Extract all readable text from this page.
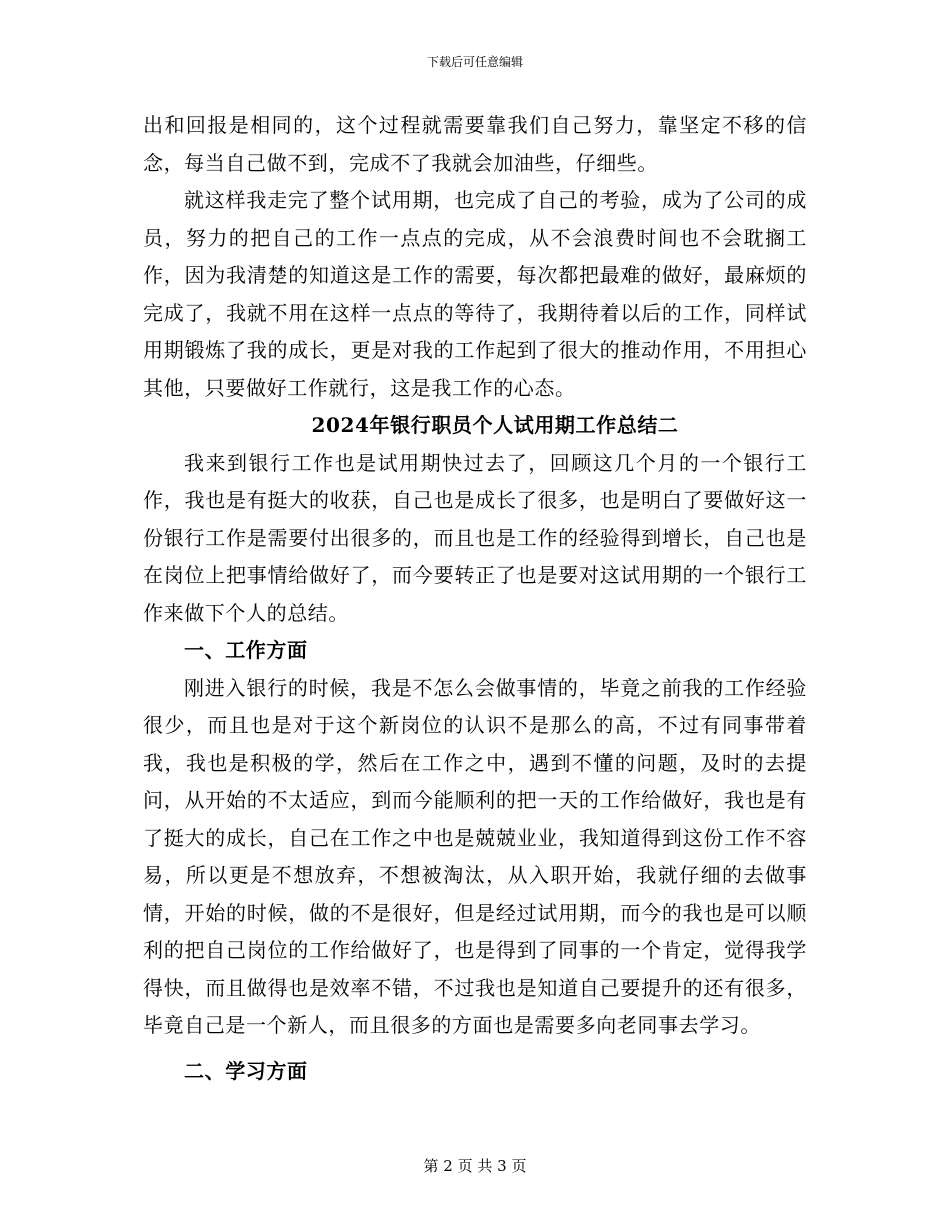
下载后可任意编辑

出和回报是相同的，这个过程就需要靠我们自己努力，靠坚定不移的信念，每当自己做不到，完成不了我就会加油些，仔细些。

就这样我走完了整个试用期，也完成了自己的考验，成为了公司的成员，努力的把自己的工作一点点的完成，从不会浪费时间也不会耽搁工作，因为我清楚的知道这是工作的需要，每次都把最难的做好，最麻烦的完成了，我就不用在这样一点点的等待了，我期待着以后的工作，同样试用期锻炼了我的成长，更是对我的工作起到了很大的推动作用，不用担心其他，只要做好工作就行，这是我工作的心态。

2024年银行职员个人试用期工作总结二

我来到银行工作也是试用期快过去了，回顾这几个月的一个银行工作，我也是有挺大的收获，自己也是成长了很多，也是明白了要做好这一份银行工作是需要付出很多的，而且也是工作的经验得到增长，自己也是在岗位上把事情给做好了，而今要转正了也是要对这试用期的一个银行工作来做下个人的总结。

一、工作方面

刚进入银行的时候，我是不怎么会做事情的，毕竟之前我的工作经验很少，而且也是对于这个新岗位的认识不是那么的高，不过有同事带着我，我也是积极的学，然后在工作之中，遇到不懂的问题，及时的去提问，从开始的不太适应，到而今能顺利的把一天的工作给做好，我也是有了挺大的成长，自己在工作之中也是兢兢业业，我知道得到这份工作不容易，所以更是不想放弃，不想被淘汰，从入职开始，我就仔细的去做事情，开始的时候，做的不是很好，但是经过试用期，而今的我也是可以顺利的把自己岗位的工作给做好了，也是得到了同事的一个肯定，觉得我学得快，而且做得也是效率不错，不过我也是知道自己要提升的还有很多，毕竟自己是一个新人，而且很多的方面也是需要多向老同事去学习。

二、学习方面
第 2 页 共 3 页
